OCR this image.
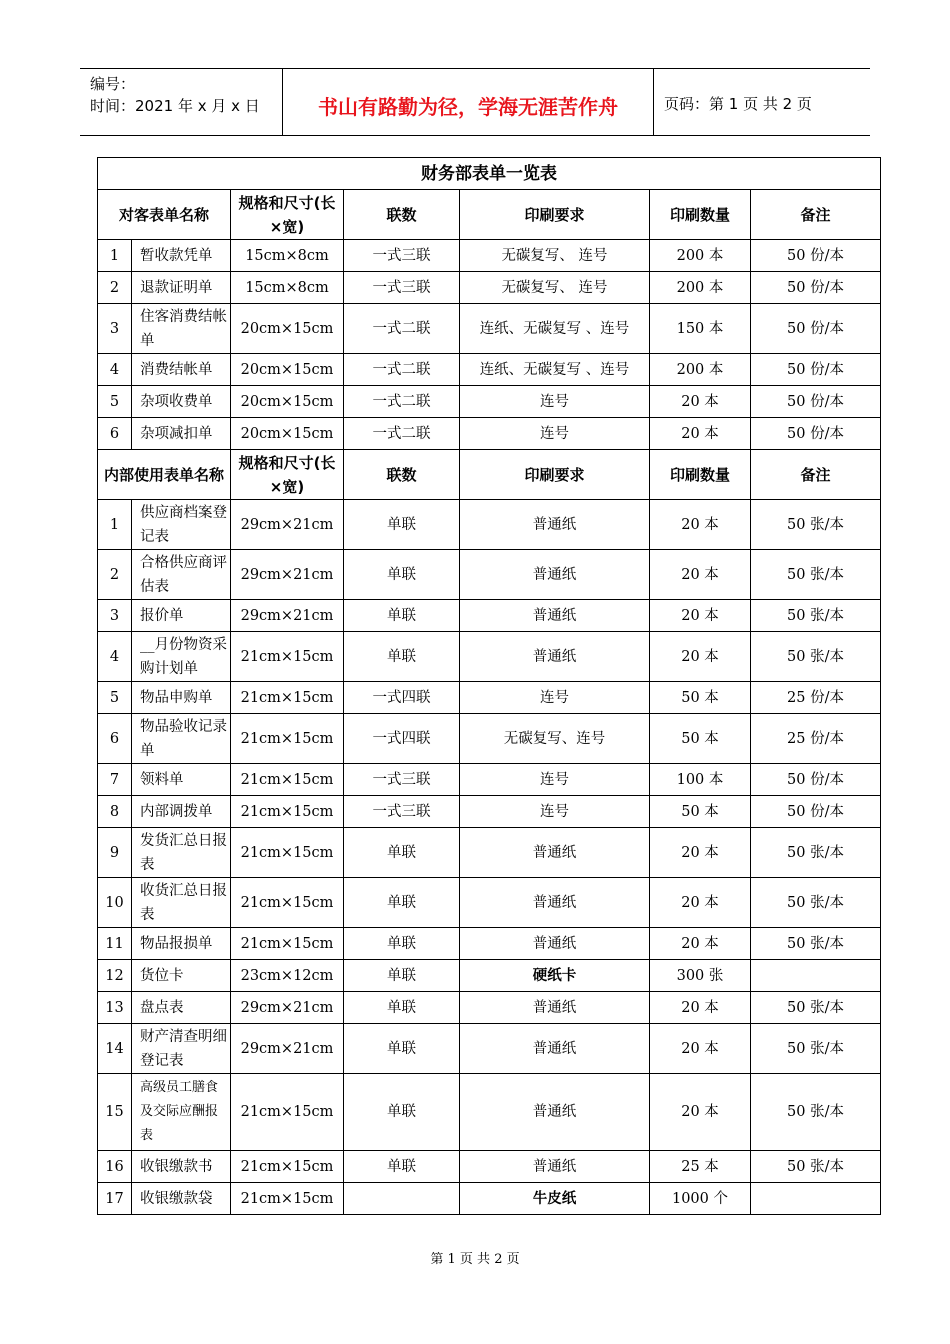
编号：
时间：2021 年 x 月 x 日	书山有路勤为径，学海无涯苦作舟	页码：第 1 页 共 2 页
财务部表单一览表						
对客表单名称		规格和尺寸(长×宽)	联数	印刷要求	印刷数量	备注
1	暂收款凭单	15cm×8cm	一式三联	无碳复写、 连号	200 本	50 份/本
2	退款证明单	15cm×8cm	一式三联	无碳复写、 连号	200 本	50 份/本
3	住客消费结帐单	20cm×15cm	一式二联	连纸、无碳复写 、连号	150 本	50 份/本
4	消费结帐单	20cm×15cm	一式二联	连纸、无碳复写 、连号	200 本	50 份/本
5	杂项收费单	20cm×15cm	一式二联	连号	20 本	50 份/本
6	杂项减扣单	20cm×15cm	一式二联	连号	20 本	50 份/本
内部使用表单名称		规格和尺寸(长×宽)	联数	印刷要求	印刷数量	备注
1	供应商档案登记表	29cm×21cm	单联	普通纸	20 本	50 张/本
2	合格供应商评估表	29cm×21cm	单联	普通纸	20 本	50 张/本
3	报价单	29cm×21cm	单联	普通纸	20 本	50 张/本
4	__月份物资采购计划单	21cm×15cm	单联	普通纸	20 本	50 张/本
5	物品申购单	21cm×15cm	一式四联	连号	50 本	25 份/本
6	物品验收记录单	21cm×15cm	一式四联	无碳复写、连号	50 本	25 份/本
7	领料单	21cm×15cm	一式三联	连号	100 本	50 份/本
8	内部调拨单	21cm×15cm	一式三联	连号	50 本	50 份/本
9	发货汇总日报表	21cm×15cm	单联	普通纸	20 本	50 张/本
10	收货汇总日报表	21cm×15cm	单联	普通纸	20 本	50 张/本
11	物品报损单	21cm×15cm	单联	普通纸	20 本	50 张/本
12	货位卡	23cm×12cm	单联	硬纸卡	300 张	
13	盘点表	29cm×21cm	单联	普通纸	20 本	50 张/本
14	财产清查明细登记表	29cm×21cm	单联	普通纸	20 本	50 张/本
15	高级员工膳食及交际应酬报表	21cm×15cm	单联	普通纸	20 本	50 张/本
16	收银缴款书	21cm×15cm	单联	普通纸	25 本	50 张/本
17	收银缴款袋	21cm×15cm		牛皮纸	1000 个	
第 1 页 共 2 页
